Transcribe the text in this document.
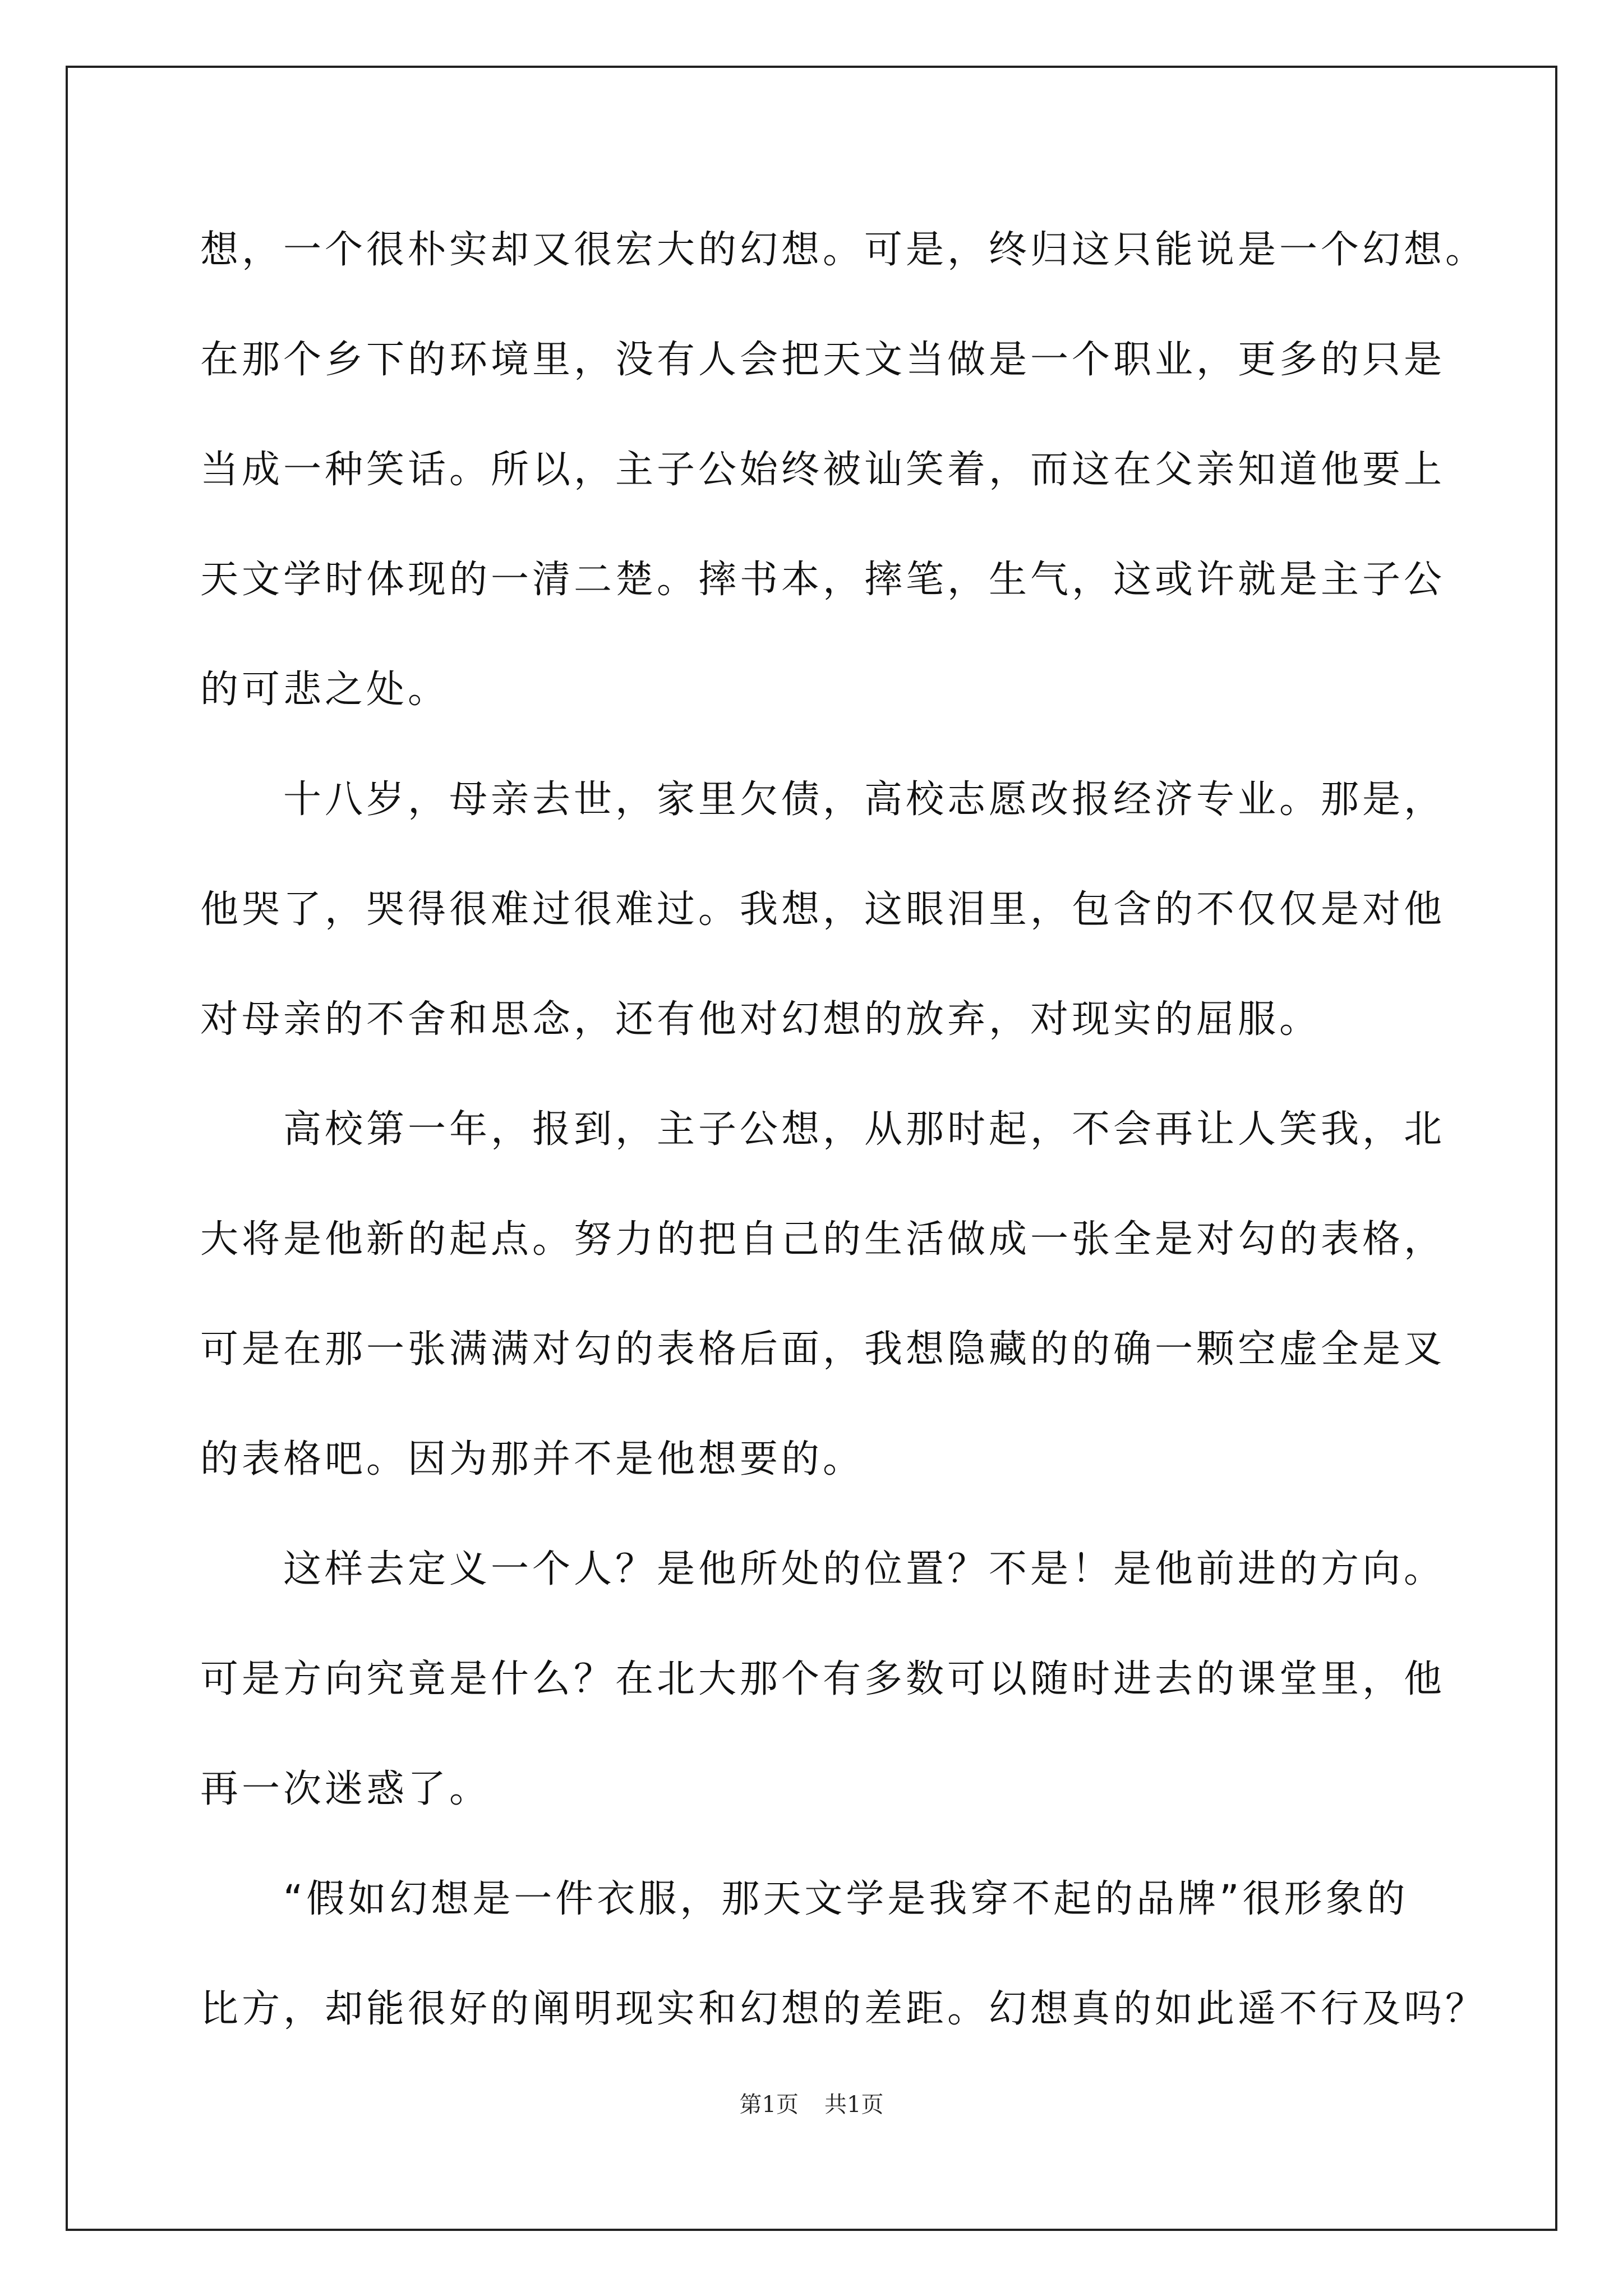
想，一个很朴实却又很宏大的幻想。可是，终归这只能说是一个幻想。
在那个乡下的环境里，没有人会把天文当做是一个职业，更多的只是
当成一种笑话。所以，主子公始终被讪笑着，而这在父亲知道他要上
天文学时体现的一清二楚。摔书本，摔笔，生气，这或许就是主子公
的可悲之处。
十八岁，母亲去世，家里欠债，高校志愿改报经济专业。那是，
他哭了，哭得很难过很难过。我想，这眼泪里，包含的不仅仅是对他
对母亲的不舍和思念，还有他对幻想的放弃，对现实的屈服。
高校第一年，报到，主子公想，从那时起，不会再让人笑我，北
大将是他新的起点。努力的把自己的生活做成一张全是对勾的表格，
可是在那一张满满对勾的表格后面，我想隐藏的的确一颗空虚全是叉
的表格吧。因为那并不是他想要的。
这样去定义一个人？是他所处的位置？不是！是他前进的方向。
可是方向究竟是什么？在北大那个有多数可以随时进去的课堂里，他
再一次迷惑了。
“假如幻想是一件衣服，那天文学是我穿不起的品牌”很形象的
比方，却能很好的阐明现实和幻想的差距。幻想真的如此遥不行及吗？
第1页 共1页
